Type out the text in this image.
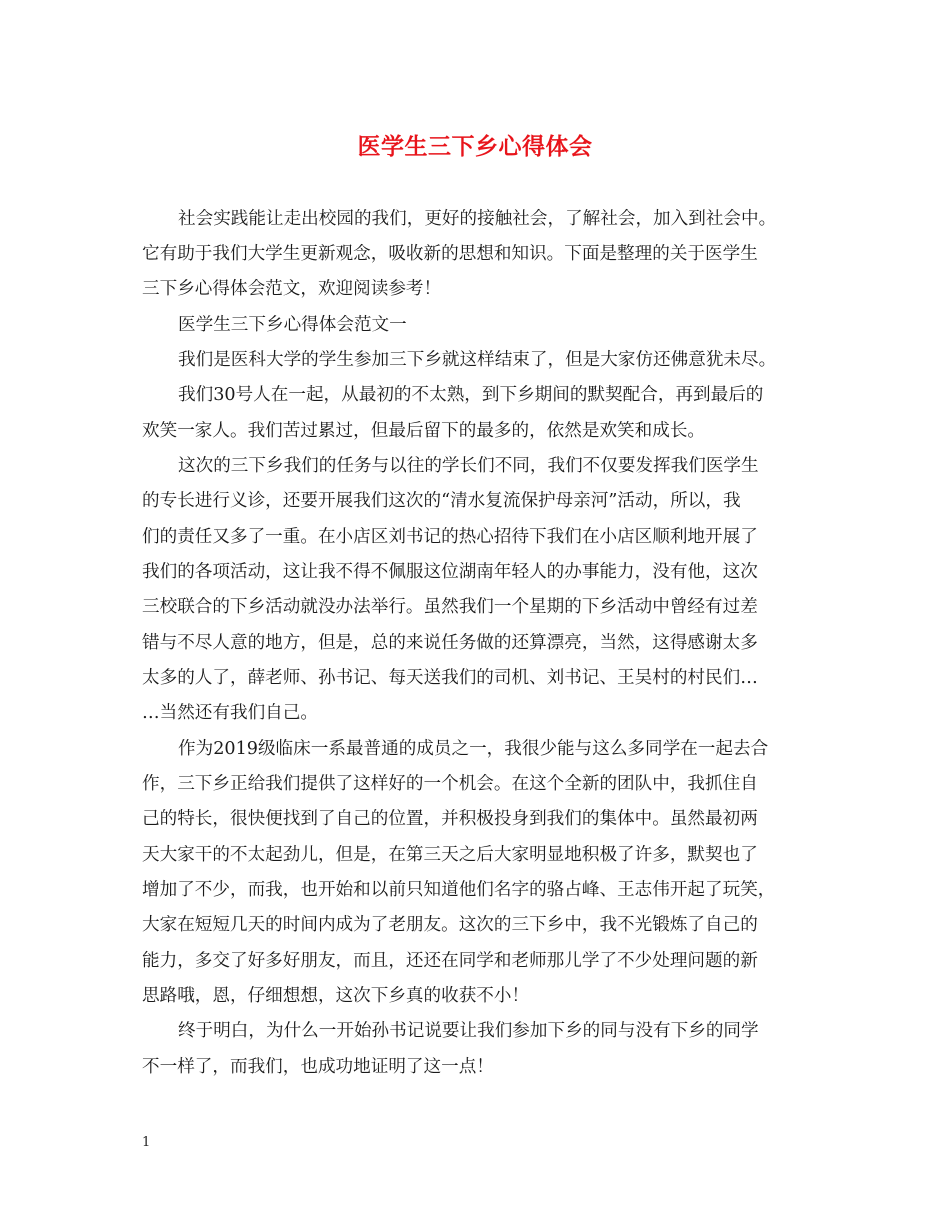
医学生三下乡心得体会
社会实践能让走出校园的我们，更好的接触社会，了解社会，加入到社会中。
它有助于我们大学生更新观念，吸收新的思想和知识。下面是整理的关于医学生
三下乡心得体会范文，欢迎阅读参考！
医学生三下乡心得体会范文一
我们是医科大学的学生参加三下乡就这样结束了，但是大家仿还佛意犹未尽。
我们30号人在一起，从最初的不太熟，到下乡期间的默契配合，再到最后的
欢笑一家人。我们苦过累过，但最后留下的最多的，依然是欢笑和成长。
这次的三下乡我们的任务与以往的学长们不同，我们不仅要发挥我们医学生
的专长进行义诊，还要开展我们这次的“清水复流保护母亲河”活动，所以，我
们的责任又多了一重。在小店区刘书记的热心招待下我们在小店区顺利地开展了
我们的各项活动，这让我不得不佩服这位湖南年轻人的办事能力，没有他，这次
三校联合的下乡活动就没办法举行。虽然我们一个星期的下乡活动中曾经有过差
错与不尽人意的地方，但是，总的来说任务做的还算漂亮，当然，这得感谢太多
太多的人了，薛老师、孙书记、每天送我们的司机、刘书记、王吴村的村民们…
…当然还有我们自己。
作为2019级临床一系最普通的成员之一，我很少能与这么多同学在一起去合
作，三下乡正给我们提供了这样好的一个机会。在这个全新的团队中，我抓住自
己的特长，很快便找到了自己的位置，并积极投身到我们的集体中。虽然最初两
天大家干的不太起劲儿，但是，在第三天之后大家明显地积极了许多，默契也了
增加了不少，而我，也开始和以前只知道他们名字的骆占峰、王志伟开起了玩笑，
大家在短短几天的时间内成为了老朋友。这次的三下乡中，我不光锻炼了自己的
能力，多交了好多好朋友，而且，还还在同学和老师那儿学了不少处理问题的新
思路哦，恩，仔细想想，这次下乡真的收获不小！
终于明白，为什么一开始孙书记说要让我们参加下乡的同与没有下乡的同学
不一样了，而我们，也成功地证明了这一点！
1
